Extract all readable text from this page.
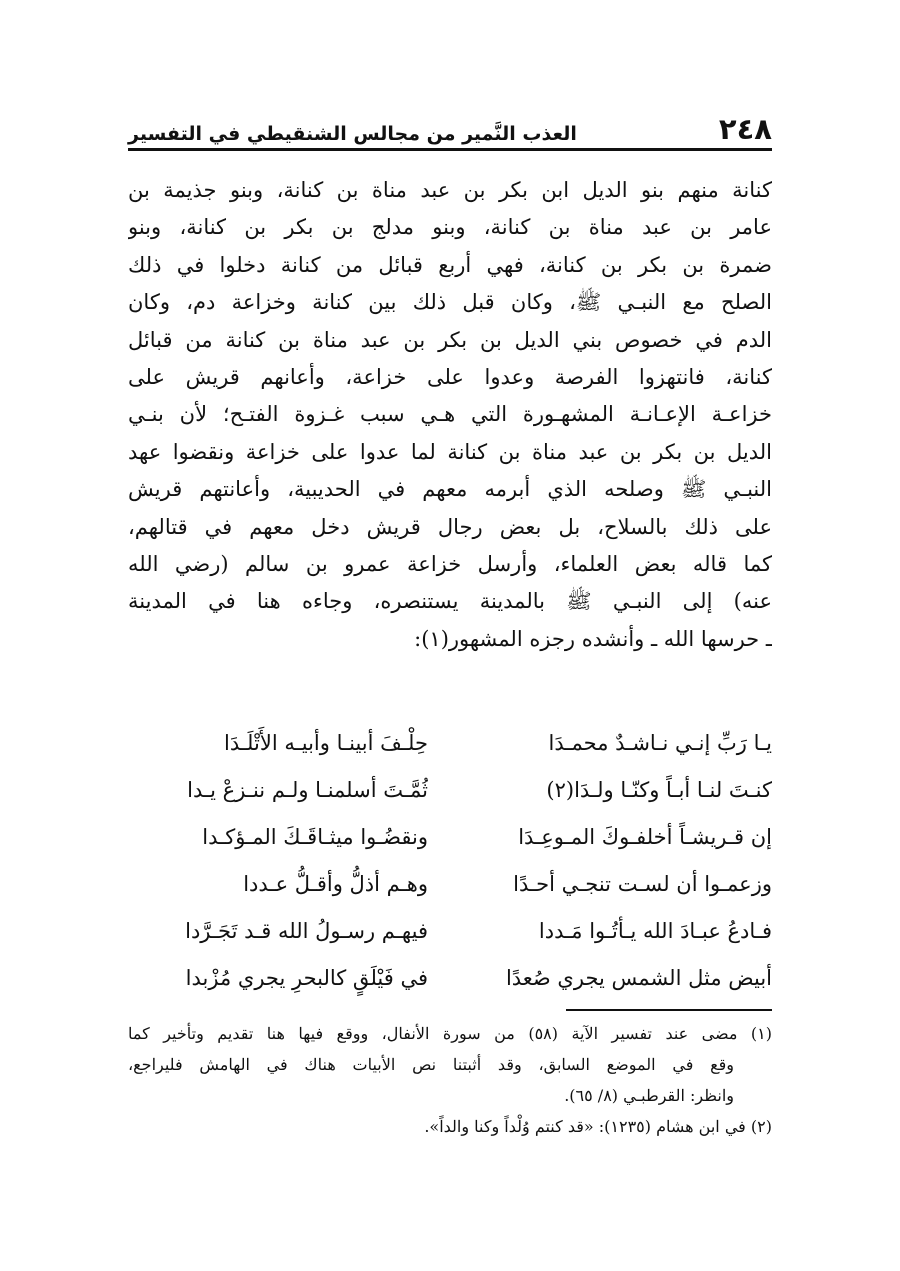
٢٤٨
العذب النَّمير من مجالس الشنقيطي في التفسير
كنانة منهم بنو الديل ابن بكر بن عبد مناة بن كنانة، وبنو جذيمة بن
عامر بن عبد مناة بن كنانة، وبنو مدلج بن بكر بن كنانة، وبنو
ضمرة بن بكر بن كنانة، فهي أربع قبائل من كنانة دخلوا في ذلك
الصلح مع النبـي ﷺ، وكان قبل ذلك بين كنانة وخزاعة دم، وكان
الدم في خصوص بني الديل بن بكر بن عبد مناة بن كنانة من قبائل
كنانة، فانتهزوا الفرصة وعدوا على خزاعة، وأعانهم قريش على
خزاعـة الإعـانـة المشهـورة التي هـي سبب غـزوة الفتـح؛ لأن بنـي
الديل بن بكر بن عبد مناة بن كنانة لما عدوا على خزاعة ونقضوا عهد
النبـي ﷺ وصلحه الذي أبرمه معهم في الحديبية، وأعانتهم قريش
على ذلك بالسلاح، بل بعض رجال قريش دخل معهم في قتالهم،
كما قاله بعض العلماء، وأرسل خزاعة عمرو بن سالم (رضي الله
عنه) إلى النبـي ﷺ بالمدينة يستنصره، وجاءه هنا في المدينة
ـ حرسها الله ـ وأنشده رجزه المشهور(١):
يـا رَبِّ إنـي نـاشـدٌ محمـدَا
حِلْـفَ أبينـا وأبيـه الأَتْلَـدَا
كنـتَ لنـا أبـاً وكنّـا ولـدَا(٢)
ثُمَّـتَ أسلمنـا ولـم ننـزعْ يـدا
إن قـريشـاً أخلفـوكَ المـوعِـدَا
ونقضُـوا ميثـاقَـكَ المـؤكـدا
وزعمـوا أن لسـت تنجـي أحـدًا
وهـم أذلُّ وأقـلُّ عـددا
فـادعُ عبـادَ الله يـأتُـوا مَـددا
فيهـم رسـولُ الله قـد تَجَـرَّدا
أبيض مثل الشمس يجري صُعدًا
في فَيْلَقٍ كالبحرِ يجري مُزْبدا
(١) مضى عند تفسير الآية (٥٨) من سورة الأنفال، ووقع فيها هنا تقديم وتأخير كما
وقع في الموضع السابق، وقد أثبتنا نص الأبيات هناك في الهامش فليراجع،
وانظر: القرطبـي (٨/ ٦٥).
(٢) في ابن هشام (١٢٣٥): «قد كنتم وُلْداً وكنا والداً».
